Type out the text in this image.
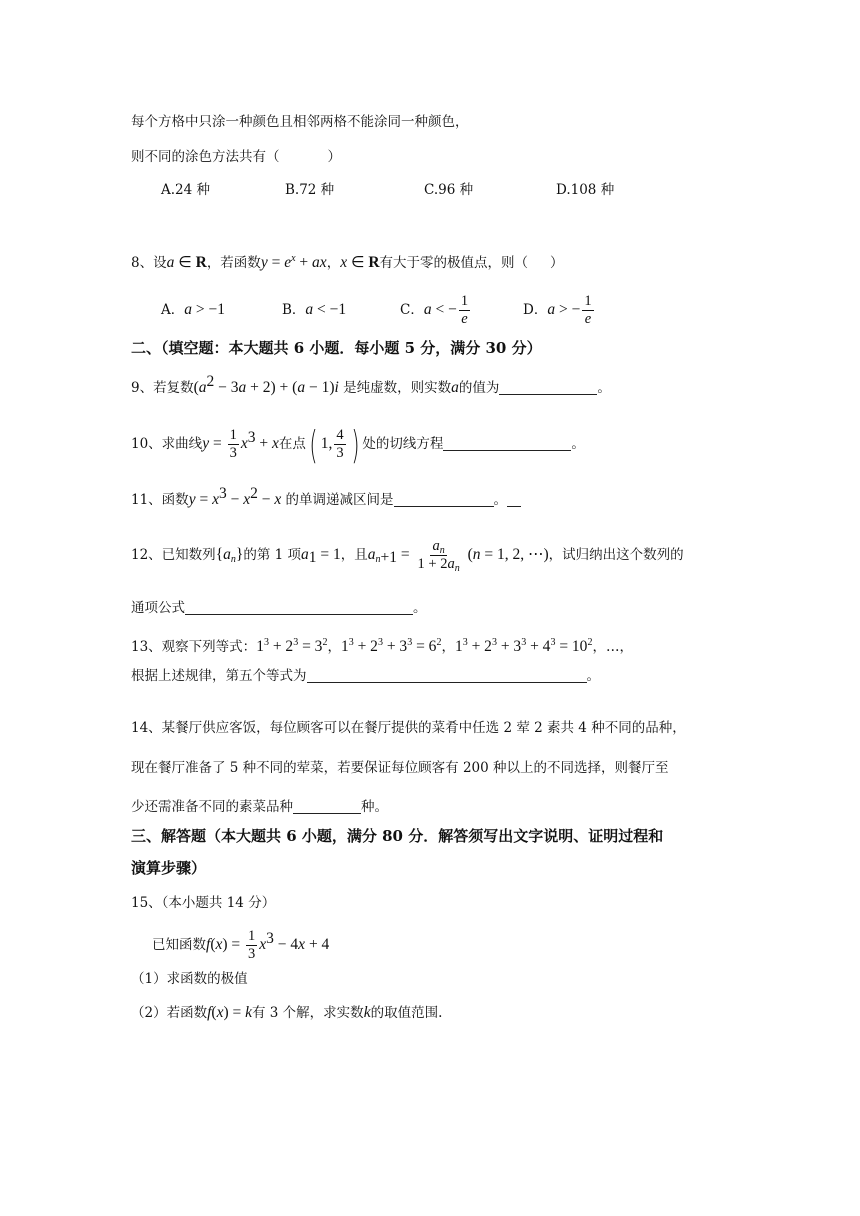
每个方格中只涂一种颜色且相邻两格不能涂同一种颜色，
则不同的涂色方法共有（	）
A.24 种	B.72 种	C.96 种	D.108 种
8、设a ∈ R，若函数$y = e^x$ + ax，x ∈ R有大于零的极值点，则（ ）
A．a > −1	B．a < −1	C．a < − $\frac{1}{e}$	D．a > − $\frac{1}{e}$
二、（填空题：本大题共 6 小题．每小题 5 分，满分 30 分）
9、若复数$(a^2 - 3a + 2) + (a - 1)i$ 是纯虚数，则实数a的值为	。
10、求曲线$y = \frac{1}{3} x^3 + x$在点( 1, $\frac{4}{3}$ ) 处的切线方程	。
11、函数$y = x^3 - x^2 - x$ 的单调递减区间是	。
12、已知数列$\{a_n\}$的第 1 项$a_1 = 1$，且$a_{n+1} = \frac{a_n}{1 + 2a_n} (n = 1$, 2, ⋯)，试归纳出这个数列的
通项公式	。
13、观察下列等式：$1^3 + 2^3 = 3^2$，$1^3 + 2^3 + 3^3 = 6^2$，$1^3 + 2^3 + 3^3 + 4^3 = 10^2$，…，
根据上述规律，第五个等式为	。
14、某餐厅供应客饭，每位顾客可以在餐厅提供的菜肴中任选 2 荤 2 素共 4 种不同的品种，
现在餐厅准备了 5 种不同的荤菜，若要保证每位顾客有 200 种以上的不同选择，则餐厅至
少还需准备不同的素菜品种	种。
三、解答题（本大题共 6 小题，满分 80 分．解答须写出文字说明、证明过程和
演算步骤）
15、（本小题共 14 分）
已知函数$f(x) = \frac{1}{3} x^3 - 4x + 4$
（1）求函数的极值
（2）若函数f(x) = k有 3 个解，求实数k的取值范围.
